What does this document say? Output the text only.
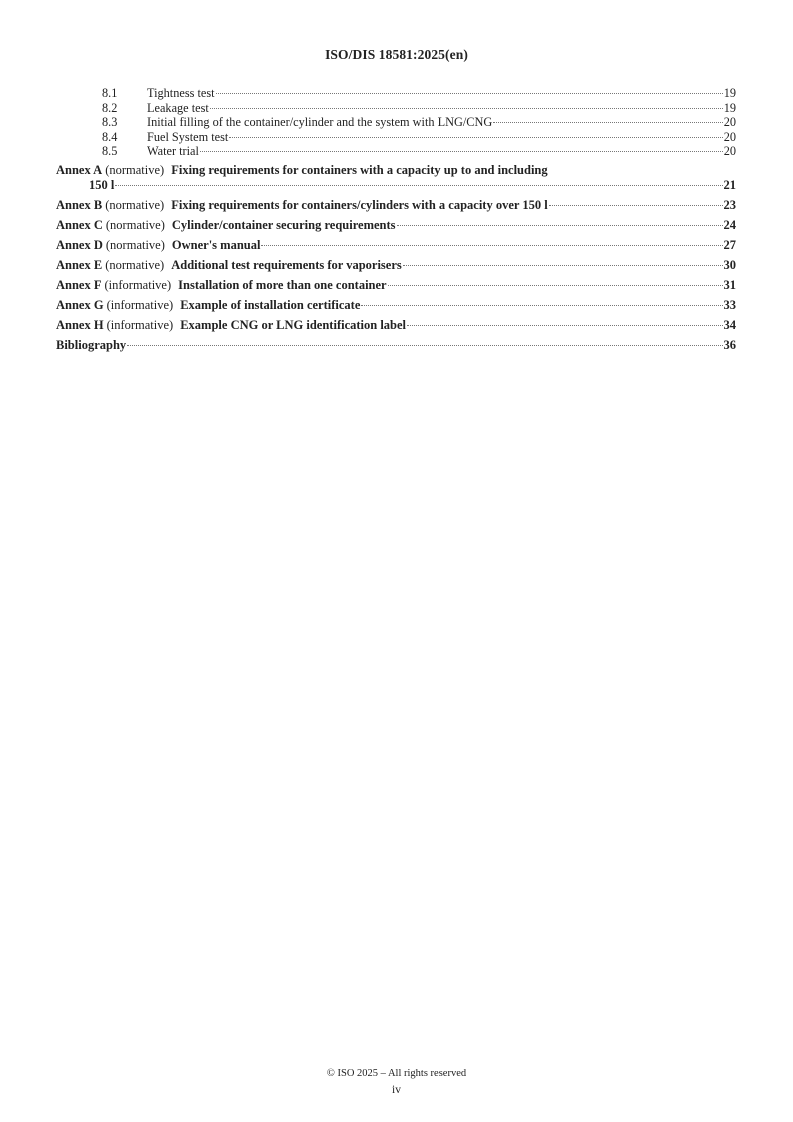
ISO/DIS 18581:2025(en)
8.1	Tightness test	19
8.2	Leakage test	19
8.3	Initial filling of the container/cylinder and the system with LNG/CNG	20
8.4	Fuel System test	20
8.5	Water trial	20
Annex A (normative) Fixing requirements for containers with a capacity up to and including
150 l	21
Annex B (normative) Fixing requirements for containers/cylinders with a capacity over 150 l	23
Annex C (normative) Cylinder/container securing requirements	24
Annex D (normative) Owner's manual	27
Annex E (normative) Additional test requirements for vaporisers	30
Annex F (informative) Installation of more than one container	31
Annex G (informative) Example of installation certificate	33
Annex H (informative) Example CNG or LNG identification label	34
Bibliography	36
© ISO 2025 – All rights reserved
iv
